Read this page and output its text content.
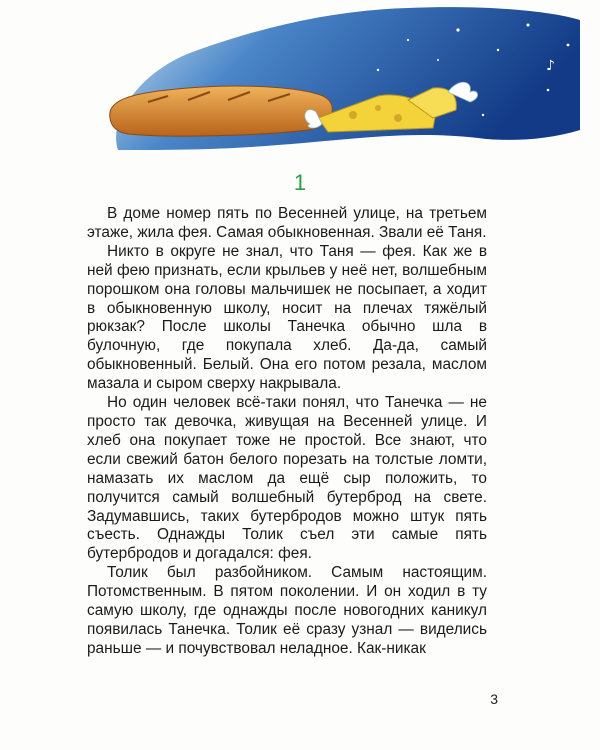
♪
1

В доме номер пять по Весенней улице, на третьем этаже, жила фея. Самая обыкновенная. Звали её Таня.

Никто в округе не знал, что Таня — фея. Как же в ней фею признать, если крыльев у неё нет, волшебным порошком она головы мальчишек не посыпает, а ходит в обыкновенную школу, носит на плечах тяжёлый рюкзак? После школы Танечка обычно шла в булочную, где покупала хлеб. Да-да, самый обыкновенный. Белый. Она его потом резала, маслом мазала и сыром сверху накрывала.

Но один человек всё-таки понял, что Танечка — не просто так девочка, живущая на Весенней улице. И хлеб она покупает тоже не простой. Все знают, что если свежий батон белого порезать на толстые ломти, намазать их маслом да ещё сыр положить, то получится самый волшебный бутерброд на свете. Задумавшись, таких бутербродов можно штук пять съесть. Однажды Толик съел эти самые пять бутербродов и догадался: фея.

Толик был разбойником. Самым настоящим. Потомственным. В пятом поколении. И он ходил в ту самую школу, где однажды после новогодних каникул появилась Танечка. Толик её сразу узнал — виделись раньше — и почувствовал неладное. Как-никак

3
